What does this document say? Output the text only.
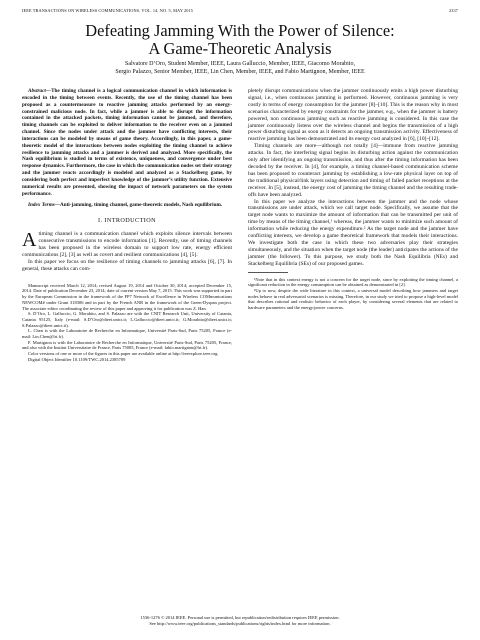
IEEE TRANSACTIONS ON WIRELESS COMMUNICATIONS, VOL. 14, NO. 5, MAY 2015	2337
Defeating Jamming With the Power of Silence:
A Game-Theoretic Analysis
Salvatore D’Oro, Student Member, IEEE, Laura Galluccio, Member, IEEE, Giacomo Morabito,
Sergio Palazzo, Senior Member, IEEE, Lin Chen, Member, IEEE, and Fabio Martignon, Member, IEEE

Abstract—The timing channel is a logical communication channel in which information is encoded in the timing between events. Recently, the use of the timing channel has been proposed as a countermeasure to reactive jamming attacks performed by an energy-constrained malicious node. In fact, while a jammer is able to disrupt the information contained in the attacked packets, timing information cannot be jammed, and therefore, timing channels can be exploited to deliver information to the receiver even on a jammed channel. Since the nodes under attack and the jammer have conflicting interests, their interactions can be modeled by means of game theory. Accordingly, in this paper, a game-theoretic model of the interactions between nodes exploiting the timing channel to achieve resilience to jamming attacks and a jammer is derived and analyzed. More specifically, the Nash equilibrium is studied in terms of existence, uniqueness, and convergence under best response dynamics. Furthermore, the case in which the communication nodes set their strategy and the jammer reacts accordingly is modeled and analyzed as a Stackelberg game, by considering both perfect and imperfect knowledge of the jammer’s utility function. Extensive numerical results are presented, showing the impact of network parameters on the system performance.

Index Terms—Anti-jamming, timing channel, game-theoretic models, Nash equilibrium.

I. INTRODUCTION

A timing channel is a communication channel which exploits silence intervals between consecutive transmissions to encode information [1]. Recently, use of timing channels has been proposed in the wireless domain to support low rate, energy efficient communications [2], [3] as well as covert and resilient communications [4], [5].

In this paper we focus on the resilience of timing channels to jamming attacks [6], [7]. In general, these attacks can com-

Manuscript received March 12, 2014; revised August 19, 2014 and October 30, 2014; accepted December 15, 2014. Date of publication December 23, 2014; date of current version May 7, 2015. This work was supported in part by the European Commission in the framework of the FP7 Network of Excellence in Wireless COMmunications NEWCOM# under Grant 318306 and in part by the French ANR in the framework of the Green-Dyspan project. The associate editor coordinating the review of this paper and approving it for publication was Z. Han.

S. D’Oro, L. Galluccio, G. Morabito, and S. Palazzo are with the CNIT Research Unit, University of Catania, Catania 95125, Italy (e-mail: S.D’Oro@dieei.unict.it; L.Galluccio@dieei.unict.it; G.Morabito@dieei.unict.it; S.Palazzo@dieei.unict.it).

L. Chen is with the Laboratoire de Recherche en Informatique, Université Paris-Sud, Paris 75205, France (e-mail: Lin.Chen@lri.fr).

F. Martignon is with the Laboratoire de Recherche en Informatique, Université Paris-Sud, Paris 75205, France, and also with the Institut Universitaire de France, Paris 75005, France (e-mail: fabio.martignon@lri.fr).

Color versions of one or more of the figures in this paper are available online at http://ieeexplore.ieee.org.

Digital Object Identifier 10.1109/TWC.2014.2385709

pletely disrupt communications when the jammer continuously emits a high power disturbing signal, i.e., when continuous jamming is performed. However, continuous jamming is very costly in terms of energy consumption for the jammer [8]–[10]. This is the reason why in most scenarios characterized by energy constraints for the jammer, e.g., when the jammer is battery powered, non continuous jamming such as reactive jamming is considered. In this case the jammer continuously listens over the wireless channel and begins the transmission of a high power disturbing signal as soon as it detects an ongoing transmission activity. Effectiveness of reactive jamming has been demonstrated and its energy cost analyzed in [6], [10]–[12].

Timing channels are more—although not totally [4]—immune from reactive jamming attacks. In fact, the interfering signal begins its disturbing action against the communication only after identifying an ongoing transmission, and thus after the timing information has been decoded by the receiver. In [4], for example, a timing channel-based communication scheme has been proposed to counteract jamming by establishing a low-rate physical layer on top of the traditional physical/link layers using detection and timing of failed packet receptions at the receiver. In [5], instead, the energy cost of jamming the timing channel and the resulting trade-offs have been analyzed.

In this paper we analyze the interactions between the jammer and the node whose transmissions are under attack, which we call target node. Specifically, we assume that the target node wants to maximize the amount of information that can be transmitted per unit of time by means of the timing channel,¹ whereas, the jammer wants to minimize such amount of information while reducing the energy expenditure.² As the target node and the jammer have conflicting interests, we develop a game theoretical framework that models their interactions. We investigate both the case in which these two adversaries play their strategies simultaneously, and the situation when the target node (the leader) anticipates the actions of the jammer (the follower). To this purpose, we study both the Nash Equilibria (NEs) and Stackelberg Equilibria (SEs) of our proposed games.

¹Note that in this context energy is not a concern for the target node, since by exploiting the timing channel, a significant reduction in the energy consumption can be obtained as demonstrated in [2].

²Up to now, despite the wide literature in this context, a universal model describing how jammers and target nodes behave in real adversarial scenarios is missing. Therefore, in our study we tried to propose a high-level model that describes rational and realistic behavior of each player, by considering several elements that are related to hardware parameters and the energy/power concerns.

1536-1276 © 2014 IEEE. Personal use is permitted, but republication/redistribution requires IEEE permission.
See http://www.ieee.org/publications_standards/publications/rights/index.html for more information.
